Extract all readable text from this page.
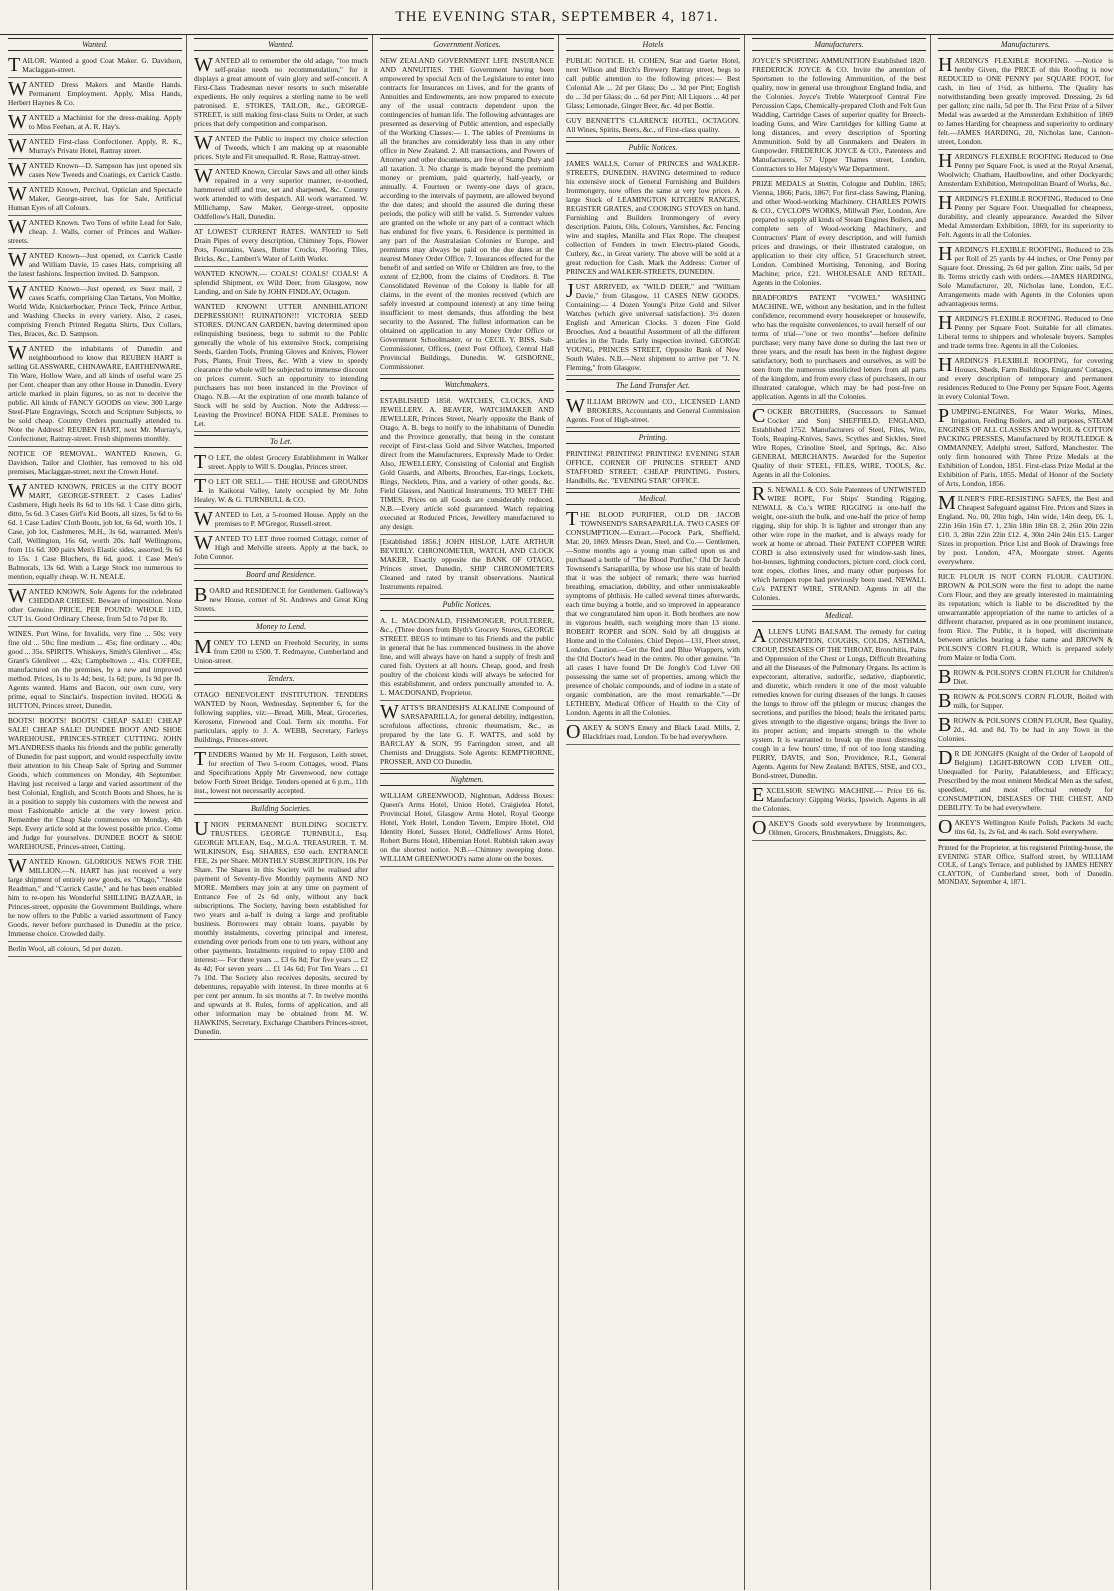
THE EVENING STAR, SEPTEMBER 4, 1871.
Wanted.

TAILOR. Wanted a good Coat Maker. G. Davidson, Maclaggan-street.

WANTED Dress Makers and Mantle Hands. Permanent Employment. Apply, Miss Hands, Herbert Haynes & Co.

WANTED a Machinist for the dress-making. Apply to Miss Feehan, at A. R. Hay's.

WANTED First-class Confectioner. Apply, R. K., Murray's Private Hotel, Rattray street.

WANTED Known—D. Sampson has just opened six cases New Tweeds and Coatings, ex Carrick Castle.

WANTED Known, Percival, Optician and Spectacle Maker, George-street, has for Sale, Artificial Human Eyes of all Colours.

WANTED Known. Two Tons of white Lead for Sale, cheap. J. Walls, corner of Princes and Walker-streets.

WANTED Known—Just opened, ex Carrick Castle and William Davie, 15 cases Hats, comprising all the latest fashions. Inspection invited. D. Sampson.

WANTED Known—Just opened, ex Suez mail, 2 cases Scarfs, comprising Clan Tartans, Von Moltke, World Wide, Knickerbocker, Prince Teck, Prince Arthur, and Washing Checks in every variety. Also, 2 cases, comprising French Printed Regatta Shirts, Dux Collars, Ties, Braces, &c. D. Sampson.

WANTED the inhabitants of Dunedin and neighbourhood to know that REUBEN HART is selling GLASSWARE, CHINAWARE, EARTHENWARE, Tin Ware, Hollow Ware, and all kinds of useful ware 25 per Cent. cheaper than any other House in Dunedin. Every article marked in plain figures, so as not to deceive the public. All kinds of FANCY GOODS on view. 300 Large Steel-Plate Engravings, Scotch and Scripture Subjects, to be sold cheap. Country Orders punctually attended to. Note the Address! REUBEN HART, next Mr. Murray's, Confectioner, Rattray-street. Fresh shipments monthly.

NOTICE OF REMOVAL. WANTED Known, G. Davidson, Tailor and Clothier, has removed to his old premises, Maclaggan-street, next the Crown Hotel.

WANTED KNOWN, PRICES at the CITY BOOT MART, GEORGE-STREET. 2 Cases Ladies' Cashmere, High heels 8s 6d to 10s 6d. 1 Case ditto girls, ditto, 5s 6d. 3 Cases Girl's Kid Boots, all sizes, 5s 6d to 6s 6d. 1 Case Ladies' Cloth Boots, job lot, 6s 6d, worth 10s. 1 Case, job lot, Cashmeres, M.H., 3s 6d, warranted. Men's Calf, Wellington, 16s 6d, worth 20s. half Wellingtons, from 11s 6d. 300 pairs Men's Elastic sides, assorted, 9s 6d to 15s. 1 Case Bluchers, 8s 6d, good. 1 Case Men's Balmorals, 13s 6d. With a Large Stock too numerous to mention, equally cheap. W. H. NEALE.

WANTED KNOWN, Sole Agents for the celebrated CHEDDAR CHEESE. Beware of imposition. None other Genuine. PRICE, PER POUND: WHOLE 11D, CUT 1s. Good Ordinary Cheese, from 5d to 7d per lb.

WINES. Port Wine, for Invalids, very fine ... 50s; very fine old ... 50s; fine medium ... 45s; fine ordinary ... 40s; good ... 35s. SPIRITS. Whiskeys, Smith's Glenlivet ... 45s; Grant's Glenlivet ... 42s; Campbeltown ... 41s. COFFEE, manufactured on the premises, by a new and improved method. Prices, 1s to 1s 4d; best, 1s 6d; pure, 1s 9d per lb. Agents wanted. Hams and Bacon, our own cure, very prime, equal to Sinclair's. Inspection invited. HOGG & HUTTON, Princes street, Dunedin.

BOOTS! BOOTS! BOOTS! CHEAP SALE! CHEAP SALE! CHEAP SALE! DUNDEE BOOT AND SHOE WAREHOUSE, PRINCES-STREET CUTTING. JOHN M'LANDRESS thanks his friends and the public generally of Dunedin for past support, and would respectfully invite their attention to his Cheap Sale of Spring and Summer Goods, which commences on Monday, 4th September. Having just received a large and varied assortment of the best Colonial, English, and Scotch Boots and Shoes, he is in a position to supply his customers with the newest and most Fashionable article at the very lowest price. Remember the Cheap Sale commences on Monday, 4th Sept. Every article sold at the lowest possible price. Come and Judge for yourselves. DUNDEE BOOT & SHOE WAREHOUSE, Princes-street, Cutting.

WANTED Known. GLORIOUS NEWS FOR THE MILLION.—N. HART has just received a very large shipment of entirely new goods, ex "Otago," "Jessie Readman," and "Carrick Castle," and he has been enabled him to re-open his Wonderful SHILLING BAZAAR, in Princes-street, opposite the Government Buildings, where he now offers to the Public a varied assortment of Fancy Goods, never before purchased in Dunedin at the price. Immense choice. Crowded daily.

Berlin Wool, all colours, 5d per dozen.

Wanted.

WANTED all to remember the old adage, "too much self-praise needs no recommendation," for it displays a great amount of vain glory and self-conceit. A First-Class Tradesman never resorts to such miserable expedients. He only requires a sterling name to be well patronised. E. STOKES, TAILOR, &c., GEORGE-STREET, is still making first-class Suits to Order, at such prices that defy competition and comparison.

WANTED the Public to inspect my choice selection of Tweeds, which I am making up at reasonable prices. Style and Fit unequalled. R. Rose, Rattray-street.

WANTED Known, Circular Saws and all other kinds repaired in a very superior manner, re-toothed, hammered stiff and true, set and sharpened, &c. Country work attended to with despatch. All work warranted. W. Millichamp, Saw Maker, George-street, opposite Oddfellow's Hall, Dunedin.

AT LOWEST CURRENT RATES. WANTED to Sell Drain Pipes of every description, Chimney Tops, Flower Pots, Fountains, Vases, Butter Crocks, Flooring Tiles, Bricks, &c., Lambert's Water of Leith Works.

WANTED KNOWN.— COALS! COALS! COALS! A splendid Shipment, ex Wild Deer, from Glasgow, now Landing, and on Sale by JOHN FINDLAY, Octagon.

WANTED KNOWN! UTTER ANNIHILATION! DEPRESSION!! RUINATION!!! VICTORIA SEED STORES. DUNCAN GARDEN, having determined upon relinquishing business, begs to submit to the Public generally the whole of his extensive Stock, comprising Seeds, Garden Tools, Pruning Gloves and Knives, Flower Pots, Plants, Fruit Trees, &c. With a view to speedy clearance the whole will be subjected to immense discount on prices current. Such an opportunity to intending purchasers has not been instanced in the Province of Otago. N.B.—At the expiration of one month balance of Stock will be sold by Auction. Note the Address:—Leaving the Province! BONA FIDE SALE. Premises to Let.

To Let.

T O LET, the oldest Grocery Establishment in Walker street. Apply to Will S. Douglas, Princes street.

T O LET OR SELL.— THE HOUSE and GROUNDS in Kaikorai Valley, lately occupied by Mr John Healey. W. & G. TURNBULL & CO.

WANTED to Let, a 5-roomed House. Apply on the premises to P. M'Gregor, Russell-street.

WANTED TO LET three roomed Cottage, corner of High and Melville streets. Apply at the back, to John Connor.

Board and Residence.

BOARD and RESIDENCE for Gentlemen. Galloway's new House, corner of St. Andrews and Great King Streets.

Money to Lend.

MONEY TO LEND on Freehold Security, in sums from £200 to £500. T. Redmayne, Cumberland and Union-street.

Tenders.

OTAGO BENEVOLENT INSTITUTION. TENDERS WANTED by Noon, Wednesday, September 6, for the following supplies, viz:—Bread, Milk, Meat, Groceries, Kerosene, Firewood and Coal. Term six months. For particulars, apply to J. A. WEBB, Secretary, Farleys Buildings, Princes-street.

TENDERS Wanted by Mr H. Ferguson, Leith street, for erection of Two 5-room Cottages, wood. Plans and Specifications Apply Mr Greenwood, new cottage below Forth Street Bridge. Tenders opened at 6 p.m., 11th inst., lowest not necessarily accepted.

Building Societies.

UNION PERMANENT BUILDING SOCIETY. TRUSTEES. GEORGE TURNBULL, Esq. GEORGE M'LEAN, Esq., M.G.A. TREASURER. T. M. WILKINSON, Esq. SHARES, £50 each. ENTRANCE FEE, 2s per Share. MONTHLY SUBSCRIPTION, 10s Per Share. The Shares in this Society will be realised after payment of Seventy-five Monthly payments AND NO MORE. Members may join at any time on payment of Entrance Fee of 2s 6d only, without any back subscriptions. The Society, having been established for two years and a-half is doing a large and profitable business. Borrowers may obtain loans, payable by monthly instalments, covering principal and interest, extending over periods from one to ten years, without any other payments. Instalments required to repay £100 and interest:— For three years ... £3 6s 8d; For five years ... £2 4s 4d; For seven years ... £1 14s 6d; For Ten Years ... £1 7s 10d. The Society also receives deposits, secured by debentures, repayable with interest. In three months at 6 per cent per annum. In six months at 7. In twelve months and upwards at 8. Rules, forms of application, and all other information may be obtained from M. W. HAWKINS, Secretary, Exchange Chambers Princes-street, Dunedin.

Government Notices.

NEW ZEALAND GOVERNMENT LIFE INSURANCE AND ANNUITIES. THE Government having been empowered by special Acts of the Legislature to enter into contracts for Insurances on Lives, and for the grants of Annuities and Endowments, are now prepared to execute any of the usual contracts dependent upon the contingencies of human life. The following advantages are presented as deserving of Public attention, and especially of the Working Classes:— 1. The tables of Premiums in all the branches are considerably less than in any other office in New Zealand. 2. All transactions, and Powers of Attorney and other documents, are free of Stamp Duty and all taxation. 3. No charge is made beyond the premium money or premium, paid quarterly, half-yearly, or annually. 4. Fourteen or twenty-one days of grace, according to the intervals of payment, are allowed beyond the due dates; and should the assured die during these periods, the policy will still be valid. 5. Surrender values are granted on the whole or any part of a contract which has endured for five years. 6. Residence is permitted in any part of the Australasian Colonies or Europe, and premiums may always be paid on the due dates at the nearest Money Order Office. 7. Insurances effected for the benefit of and settled on Wife or Children are free, to the extent of £2,000, from the claims of Creditors. 8. The Consolidated Revenue of the Colony is liable for all claims, in the event of the monies received (which are safely invested at compound interest) at any time being insufficient to meet demands, thus affording the best security to the Assured. The fullest information can be obtained on application to any Money Order Office or Government Schoolmaster, or to CECIL Y. BISS, Sub-Commissioner, Offices, (next Post Office), Central Hall Provincial Buildings, Dunedin. W. GISBORNE, Commissioner.

Watchmakers.

ESTABLISHED 1858. WATCHES, CLOCKS, AND JEWELLERY. A. BEAVER, WATCHMAKER AND JEWELLER, Princes Street, Nearly opposite the Bank of Otago. A. B. begs to notify to the inhabitants of Dunedin and the Province generally, that being in the constant receipt of First-class Gold and Silver Watches, Imported direct from the Manufacturers, Expressly Made to Order. Also, JEWELLERY, Consisting of Colonial and English Gold Guards, and Alberts, Brooches, Ear-rings, Lockets, Rings, Necklets, Pins, and a variety of other goods, &c. Field Glasses, and Nautical Instruments. TO MEET THE TIMES, Prices on all Goods are considerably reduced. N.B.—Every article sold guaranteed. Watch repairing executed at Reduced Prices, Jewellery manufactured to any design.

[Established 1856.] JOHN HISLOP, LATE ARTHUR BEVERLY. CHRONOMETER, WATCH, AND CLOCK MAKER, Exactly opposite the BANK OF OTAGO, Princes street, Dunedin, SHIP CHRONOMETERS Cleaned and rated by transit observations. Nautical Instruments repaired.

Public Notices.

A. L. MACDONALD, FISHMONGER, POULTERER, &c., (Three doors from Blyth's Grocery Stores, GEORGE STREET. BEGS to intimate to his Friends and the public in general that he has commenced business in the above line, and will always have on hand a supply of fresh and cured fish. Oysters at all hours. Cheap, good, and fresh poultry of the choicest kinds will always be selected for this establishment, and orders punctually attended to. A. L. MACDONAND, Proprietor.

WATTS'S BRANDISH'S ALKALINE Compound of SARSAPARILLA, for general debility, indigestion, scrofulous affections, chronic rheumatism, &c., as prepared by the late G. F. WATTS, and sold by BARCLAY & SON, 95 Farringdon street, and all Chemists and Druggists. Sole Agents: KEMPTHORNE, PROSSER, AND CO Dunedin.

Nightmen.

WILLIAM GREENWOOD, Nightman, Address Boxes: Queen's Arms Hotel, Union Hotel, Craigielea Hotel, Provincial Hotel, Glasgow Arms Hotel, Royal George Hotel, York Hotel, London Tavern, Empire Hotel, Old Identity Hotel, Sussex Hotel, Oddfellows' Arms Hotel, Robert Burns Hotel, Hibernian Hotel. Rubbish taken away on the shortest notice. N.B.—Chimney sweeping done. WILLIAM GREENWOOD's name alone on the boxes.

Hotels

PUBLIC NOTICE. H. COHEN, Star and Garter Hotel, next Wilson and Birch's Brewery Rattray street, begs to call public attention to the following prices:— Best Colonial Ale ... 2d per Glass; Do ... 3d per Pint; English do ... 3d per Glass; do ... 6d per Pint; All Liquors ... 4d per Glass; Lemonade, Ginger Beer, &c. 4d per Bottle.

GUY BENNETT'S CLARENCE HOTEL, OCTAGON. All Wines, Spirits, Beers, &c., of First-class quality.

Public Notices.

JAMES WALLS, Corner of PRINCES and WALKER-STREETS, DUNEDIN. HAVING determined to reduce his extensive stock of General Furnishing and Builders Ironmongery, now offers the same at very low prices. A large Stock of LEAMINGTON KITCHEN RANGES, REGISTER GRATES, and COOKING STOVES on hand. Furnishing and Builders Ironmongery of every description. Paints, Oils, Colours, Varnishes, &c. Fencing wire and staples, Manilla and Flax Rope. The cheapest collection of Fenders in town Electro-plated Goods, Cutlery, &c., in Great variety. The above will be sold at a great reduction for Cash. Mark the Address: Corner of PRINCES and WALKER-STREETS, DUNEDIN.

JUST ARRIVED, ex "WILD DEER," and "William Davie," from Glasgow, 11 CASES NEW GOODS. Containing:— 4 Dozen Young's Prize Gold and Silver Watches (which give universal satisfaction). 3½ dozen English and American Clocks. 3 dozen Fine Gold Brooches. And a beautiful Assortment of all the different articles in the Trade. Early inspection invited. GEORGE YOUNG, PRINCES STREET, Opposite Bank of New South Wales. N.B.—Next shipment to arrive per "J. N. Fleming," from Glasgow.

The Land Transfer Act.

WILLIAM BROWN and CO., LICENSED LAND BROKERS, Accountants and General Commission Agents. Foot of High-street.

Printing.

PRINTING! PRINTING! PRINTING! EVENING STAR OFFICE, CORNER OF PRINCES STREET AND STAFFORD STREET. CHEAP PRINTING. Posters, Handbills, &c. "EVENING STAR" OFFICE.

Medical.

THE BLOOD PURIFIER, OLD DR JACOB TOWNSEND'S SARSAPARILLA. TWO CASES OF CONSUMPTION.—Extract.—Pocock Park, Sheffield, Mar. 20, 1869. Messrs Dean, Steel, and Co.— Gentlemen,—Some months ago a young man called upon us and purchased a bottle of "The Blood Purifier," Old Dr Jacob Townsend's Sarsaparilla, by whose use his state of health that it was the subject of remark; there was hurried breathing, emaciation, debility, and other unmistakeable symptoms of phthisis. He called several times afterwards, each time buying a bottle, and so improved in appearance that we congratulated him upon it. Both brothers are now in vigorous health, each weighing more than 13 stone. ROBERT ROPER and SON. Sold by all druggists at Home and in the Colonies. Chief Depot—131, Fleet street, London. Caution.—Get the Red and Blue Wrappers, with the Old Doctor's head in the centre. No other genuine. "In all cases I have found Dr De Jongh's Cod Liver Oil possessing the same set of properties, among which the presence of cholaic compounds, and of iodine in a state of organic combination, are the most remarkable."—Dr LETHEBY, Medical Officer of Health to the City of London. Agents in all the Colonies.

OAKEY & SON'S Emery and Black Lead. Mills, 2, Blackfriars road, London. To be had everywhere.

Manufacturers.

JOYCE'S SPORTING AMMUNITION Established 1820. FREDERICK JOYCE & CO. Invite the attention of Sportsmen to the following Ammunition, of the best quality, now in general use throughout England India, and the Colonies. Joyce's Treble Waterproof Central Fire Percussion Caps, Chemically-prepared Cloth and Felt Gun Wadding, Cartridge Cases of superior quality for Breech-loading Guns, and Wire Cartridges for killing Game at long distances, and every description of Sporting Ammunition. Sold by all Gunmakers and Dealers in Gunpowder. FREDERICK JOYCE & CO., Patentees and Manufacturers, 57 Upper Thames street, London, Contractors to Her Majesty's War Department.

PRIZE MEDALS at Stettin, Cologne and Dublin, 1865; Vienna, 1866; Paris, 1867; For first-class Sawing, Planing, and other Wood-working Machinery. CHARLES POWIS & CO., CYCLOPS WORKS, Millwall Pier, London, Are prepared to supply all kinds of Steam Engines Boilers, and complete sets of Wood-working Machinery, and Contractors' Plant of every description, and will furnish prices and drawings, or their illustrated catalogue, on application to their city office, 51 Gracechurch street, London. Combined Mortising, Tenoning, and Boring Machine; price, £21. WHOLESALE AND RETAIL. Agents in the Colonies.

BRADFORD'S PATENT "VOWEL" WASHING MACHINE. WE, without any hesitation, and in the fullest confidence, recommend every housekeeper or housewife, who has the requisite conveniences, to avail herself of our terms of trial—"one or two months"—before definite purchase; very many have done so during the last two or three years, and the result has been in the highest degree satisfactory, both to purchasers and ourselves, as will be seen from the numerous unsolicited letters from all parts of the kingdom, and from every class of purchasers, in our illustrated catalogue, which may be had post-free on application. Agents in all the Colonies.

COCKER BROTHERS, (Successors to Samuel Cocker and Son) SHEFFIELD, ENGLAND, Established 1752. Manufacturers of Steel, Files, Wire, Tools, Reaping-Knives, Saws, Scythes and Sickles, Steel Wire Ropes, Crinoline Steel, and Springs, &c. Also GENERAL MERCHANTS. Awarded for the Superior Quality of their STEEL, FILES, WIRE, TOOLS, &c. Agents in all the Colonies.

R S. NEWALL & CO. Sole Patentees of UNTWISTED WIRE ROPE, For Ships' Standing Rigging, NEWALL & Co.'s WIRE RIGGING is one-half the weight, one-sixth the bulk, and one-half the price of hemp rigging, ship for ship. It is lighter and stronger than any other wire rope in the market, and is always ready for work at home or abroad. Their PATENT COPPER WIRE CORD is also extensively used for window-sash lines, hot-houses, lightning conductors, picture cord, clock cord, tent ropes, clothes lines, and many other purposes for which hempen rope had previously been used. NEWALL Co's PATENT WIRE, STRAND. Agents in all the Colonies.

Medical.

ALLEN'S LUNG BALSAM. The remedy for curing CONSUMPTION, COUGHS, COLDS, ASTHMA, CROUP, DISEASES OF THE THROAT, Bronchitis, Pains and Oppression of the Chest or Lungs, Difficult Breathing and all the Diseases of the Pulmonary Organs. Its action is expectorant, alterative, sudorific, sedative, diaphoretic, and diuretic, which renders it one of the most valuable remedies known for curing diseases of the lungs. It causes the lungs to throw off the phlegm or mucus; changes the secretions, and purifies the blood; heals the irritated parts; gives strength to the digestive organs; brings the liver to its proper action; and imparts strength to the whole system. It is warranted to break up the most distressing cough in a few hours' time, if not of too long standing. PERRY, DAVIS, and Son, Providence, R.I., General Agents. Agents for New Zealand: BATES, SISE, and CO., Bond-street, Dunedin.

EXCELSIOR SEWING MACHINE.— Price £6 6s. Manufactory: Gipping Works, Ipswich. Agents in all the Colonies.

OAKEY'S Goods sold everywhere by Ironmongers, Oilmen, Grocers, Brushmakers, Druggists, &c.

Manufacturers.

HARDING'S FLEXIBLE ROOFING. —Notice is hereby Given, the PRICE of this Roofing is now REDUCED to ONE PENNY per SQUARE FOOT, for cash, in lieu of 1½d, as hitherto. The Quality has notwithstanding been greatly improved. Dressing, 2s 6d per gallon; zinc nails, 5d per lb. The First Prize of a Silver Medal was awarded at the Amsterdam Exhibition of 1869 to James Harding for cheapness and superiority to ordinary felt.—JAMES HARDING, 20, Nicholas lane, Cannon-street, London.

HARDING'S FLEXIBLE ROOFING Reduced to One Penny per Square Foot, is used at the Royal Arsenal, Woolwich; Chatham, Haulbowline, and other Dockyards; Amsterdam Exhibition, Metropolitan Board of Works, &c.

HARDING'S FLEXIBLE ROOFING, Reduced to One Penny per Square Foot. Unequalled for cheapness, durability, and cleanly appearance. Awarded the Silver Medal Amsterdam Exhibition, 1869, for its superiority to Felt. Agents in all the Colonies.

HARDING'S FLEXIBLE ROOFING, Reduced to 23s per Roll of 25 yards by 44 inches, or One Penny per Square foot. Dressing, 2s 6d per gallon. Zinc nails, 5d per lb. Terms strictly cash with orders.—JAMES HARDING, Sole Manufacturer, 20, Nicholas lane, London, E.C. Arrangements made with Agents in the Colonies upon advantageous terms.

HARDING'S FLEXIBLE ROOFING. Reduced to One Penny per Square Foot. Suitable for all climates. Liberal terms to shippers and wholesale buyers. Samples and trade terms free. Agents in all the Colonies.

HARDING'S FLEXIBLE ROOFING, for covering Houses, Sheds, Farm Buildings, Emigrants' Cottages, and every description of temporary and permanent residences Reduced to One Penny per Square Foot. Agents in every Colonial Town.

PUMPING-ENGINES, For Water Works, Mines, Irrigation, Feeding Boilers, and all purposes, STEAM ENGINES OF ALL CLASSES AND WOOL & COTTON PACKING PRESSES, Manufactured by ROUTLEDGE & OMMANNEY, Adelphi street, Salford, Manchester. The only firm honoured with Three Prize Medals at the Exhibition of London, 1851. First-class Prize Medal at the Exhibition of Paris, 1855. Medal of Honor of the Society of Arts, London, 1856.

MILNER'S FIRE-RESISTING SAFES, the Best and Cheapest Safeguard against Fire. Prices and Sizes in England. No. 00, 20in high, 14in wide, 14in deep, £6. 1, 22in 16in 16in £7. 1, 23in 18in 18in £8. 2, 26in 20in 22in £10. 3, 28in 22in 22in £12. 4, 30in 24in 24in £15. Larger Sizes in proportion. Price List and Book of Drawings free by post. London, 47A, Moorgate street. Agents everywhere.

RICE FLOUR IS NOT CORN FLOUR. CAUTION. BROWN & POLSON were the first to adopt the name Corn Flour, and they are greatly interested in maintaining its reputation; which is liable to be discredited by the unwarrantable appropriation of the name to articles of a different character, prepared as in one prominent instance, from Rice. The Public, it is hoped, will discriminate between articles bearing a false name and BROWN & POLSON'S CORN FLOUR, Which is prepared solely from Maize or India Corn.

BROWN & POLSON'S CORN FLOUR for Children's Diet.

BROWN & POLSON'S CORN FLOUR, Boiled with milk, for Supper.

BROWN & POLSON'S CORN FLOUR, Best Quality, 2d., 4d. and 8d. To be had in any Town in the Colonies.

D R DE JONGH'S (Knight of the Order of Leopold of Belgium) LIGHT-BROWN COD LIVER OIL, Unequalled for Purity, Palatableness, and Efficacy; Prescribed by the most eminent Medical Men as the safest, speediest, and most effectual remedy for CONSUMPTION, DISEASES OF THE CHEST, AND DEBILITY. To be had everywhere.

OAKEY'S Wellington Knife Polish, Packets 3d each; tins 6d, 1s, 2s 6d, and 4s each. Sold everywhere.

Printed for the Proprietor, at his registered Printing-house, the EVENING STAR Office, Stafford street, by WILLIAM COLE, of Lang's Terrace, and published by JAMES HENRY CLAYTON, of Cumberland street, both of Dunedin. MONDAY, September 4, 1871.
